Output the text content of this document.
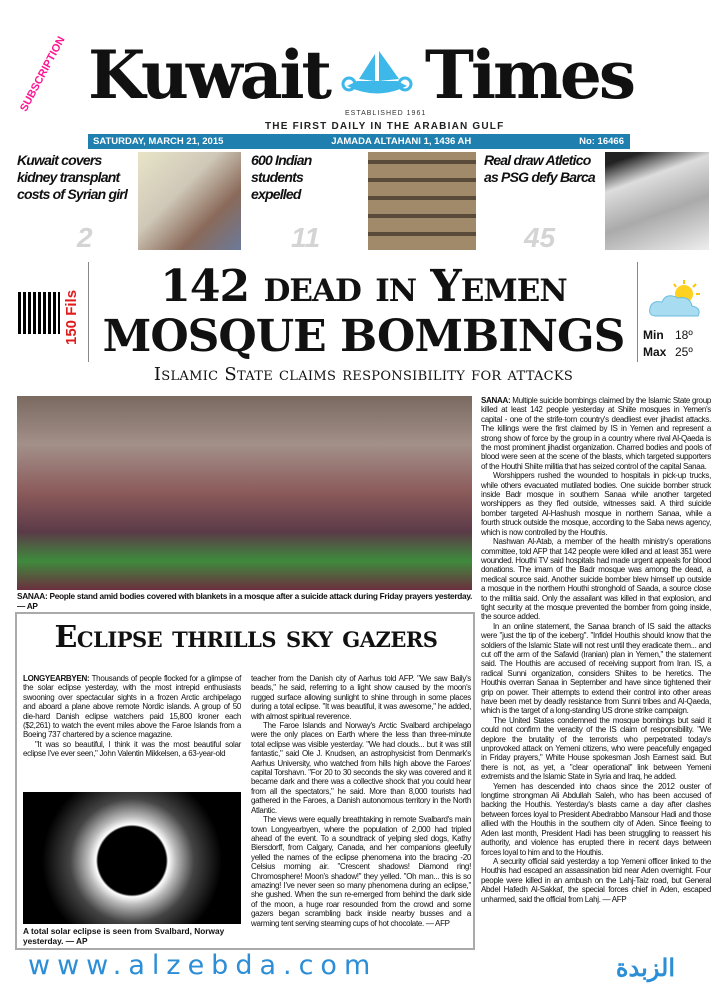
SUBSCRIPTION Kuwait Times
ESTABLISHED 1961
THE FIRST DAILY IN THE ARABIAN GULF
SATURDAY, MARCH 21, 2015	JAMADA ALTAHANI 1, 1436 AH	No: 16466
Kuwait covers kidney transplant costs of Syrian girl
2
600 Indian students expelled
11
Real draw Atletico as PSG defy Barca
45
150 Fils
142 dead in Yemen
MOSQUE BOMBINGS
Islamic State claims responsibility for attacks
Min 18º
Max 25º
SANAA: People stand amid bodies covered with blankets in a mosque after a suicide attack during Friday prayers yesterday. — AP

SANAA: Multiple suicide bombings claimed by the Islamic State group killed at least 142 people yesterday at Shiite mosques in Yemen's capital - one of the strife-torn country's deadliest ever jihadist attacks. The killings were the first claimed by IS in Yemen and represent a strong show of force by the group in a country where rival Al-Qaeda is the most prominent jihadist organization. Charred bodies and pools of blood were seen at the scene of the blasts, which targeted supporters of the Houthi Shiite militia that has seized control of the capital Sanaa.

Worshippers rushed the wounded to hospitals in pick-up trucks, while others evacuated mutilated bodies. One suicide bomber struck inside Badr mosque in southern Sanaa while another targeted worshippers as they fled outside, witnesses said. A third suicide bomber targeted Al-Hashush mosque in northern Sanaa, while a fourth struck outside the mosque, according to the Saba news agency, which is now controlled by the Houthis.

Nashwan Al-Atab, a member of the health ministry's operations committee, told AFP that 142 people were killed and at least 351 were wounded. Houthi TV said hospitals had made urgent appeals for blood donations. The imam of the Badr mosque was among the dead, a medical source said. Another suicide bomber blew himself up outside a mosque in the northern Houthi stronghold of Saada, a source close to the militia said. Only the assailant was killed in that explosion, and tight security at the mosque prevented the bomber from going inside, the source added.

In an online statement, the Sanaa branch of IS said the attacks were "just the tip of the iceberg". "Infidel Houthis should know that the soldiers of the Islamic State will not rest until they eradicate them... and cut off the arm of the Safavid (Iranian) plan in Yemen," the statement said. The Houthis are accused of receiving support from Iran. IS, a radical Sunni organization, considers Shiites to be heretics. The Houthis overran Sanaa in September and have since tightened their grip on power. Their attempts to extend their control into other areas have been met by deadly resistance from Sunni tribes and Al-Qaeda, which is the target of a long-standing US drone strike campaign.

The United States condemned the mosque bombings but said it could not confirm the veracity of the IS claim of responsibility. "We deplore the brutality of the terrorists who perpetrated today's unprovoked attack on Yemeni citizens, who were peacefully engaged in Friday prayers," White House spokesman Josh Earnest said. But there is not, as yet, a "clear operational" link between Yemeni extremists and the Islamic State in Syria and Iraq, he added.

Yemen has descended into chaos since the 2012 ouster of longtime strongman Ali Abdullah Saleh, who has been accused of backing the Houthis. Yesterday's blasts came a day after clashes between forces loyal to President Abedrabbo Mansour Hadi and those allied with the Houthis in the southern city of Aden. Since fleeing to Aden last month, President Hadi has been struggling to reassert his authority, and violence has erupted there in recent days between forces loyal to him and to the Houthis.

A security official said yesterday a top Yemeni officer linked to the Houthis had escaped an assassination bid near Aden overnight. Four people were killed in an ambush on the Lahj-Taiz road, but General Abdel Hafedh Al-Sakkaf, the special forces chief in Aden, escaped unharmed, said the official from Lahj. — AFP

Eclipse thrills sky gazers

LONGYEARBYEN: Thousands of people flocked for a glimpse of the solar eclipse yesterday, with the most intrepid enthusiasts swooning over spectacular sights in a frozen Arctic archipelago and aboard a plane above remote Nordic islands. A group of 50 die-hard Danish eclipse watchers paid 15,800 kroner each ($2,261) to watch the event miles above the Faroe Islands from a Boeing 737 chartered by a science magazine.

"It was so beautiful, I think it was the most beautiful solar eclipse I've ever seen," John Valentin Mikkelsen, a 63-year-old

A total solar eclipse is seen from Svalbard, Norway yesterday. — AP

teacher from the Danish city of Aarhus told AFP. "We saw Baily's beads," he said, referring to a light show caused by the moon's rugged surface allowing sunlight to shine through in some places during a total eclipse. "It was beautiful, it was awesome," he added, with almost spiritual reverence.

The Faroe Islands and Norway's Arctic Svalbard archipelago were the only places on Earth where the less than three-minute total eclipse was visible yesterday. "We had clouds... but it was still fantastic," said Ole J. Knudsen, an astrophysicist from Denmark's Aarhus University, who watched from hills high above the Faroes' capital Torshavn. "For 20 to 30 seconds the sky was covered and it became dark and there was a collective shock that you could hear from all the spectators," he said. More than 8,000 tourists had gathered in the Faroes, a Danish autonomous territory in the North Atlantic.

The views were equally breathtaking in remote Svalbard's main town Longyearbyen, where the population of 2,000 had tripled ahead of the event. To a soundtrack of yelping sled dogs, Kathy Biersdorff, from Calgary, Canada, and her companions gleefully yelled the names of the eclipse phenomena into the bracing -20 Celsius morning air. "Crescent shadows! Diamond ring! Chromosphere! Moon's shadow!" they yelled. "Oh man... this is so amazing! I've never seen so many phenomena during an eclipse," she gushed. When the sun re-emerged from behind the dark side of the moon, a huge roar resounded from the crowd and some gazers began scrambling back inside nearby busses and a warming tent serving steaming cups of hot chocolate. — AFP

www.alzebda.com	الزبدة
